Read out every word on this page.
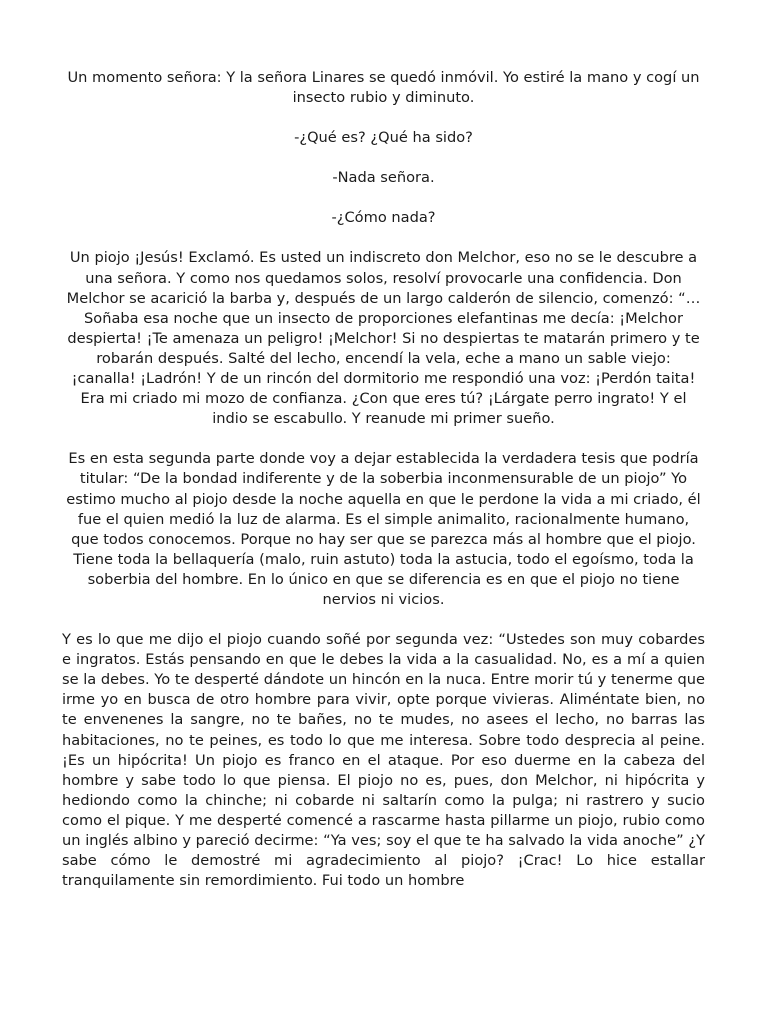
Un momento señora: Y la señora Linares se quedó inmóvil. Yo estiré la mano y cogí un insecto rubio y diminuto.

-¿Qué es? ¿Qué ha sido?

-Nada señora.

-¿Cómo nada?

Un piojo ¡Jesús! Exclamó. Es usted un indiscreto don Melchor, eso no se le descubre a una señora. Y como nos quedamos solos, resolví provocarle una confidencia. Don Melchor se acarició la barba y, después de un largo calderón de silencio, comenzó: “… Soñaba esa noche que un insecto de proporciones elefantinas me decía: ¡Melchor despierta! ¡Te amenaza un peligro! ¡Melchor! Si no despiertas te matarán primero y te robarán después. Salté del lecho, encendí la vela, eche a mano un sable viejo: ¡canalla! ¡Ladrón! Y de un rincón del dormitorio me respondió una voz: ¡Perdón taita! Era mi criado mi mozo de confianza. ¿Con que eres tú? ¡Lárgate perro ingrato! Y el indio se escabullo. Y reanude mi primer sueño.

Es en esta segunda parte donde voy a dejar establecida la verdadera tesis que podría titular: “De la bondad indiferente y de la soberbia inconmensurable de un piojo” Yo estimo mucho al piojo desde la noche aquella en que le perdone la vida a mi criado, él fue el quien medió la luz de alarma. Es el simple animalito, racionalmente humano, que todos conocemos. Porque no hay ser que se parezca más al hombre que el piojo. Tiene toda la bellaquería (malo, ruin astuto) toda la astucia, todo el egoísmo, toda la soberbia del hombre. En lo único en que se diferencia es en que el piojo no tiene nervios ni vicios.

Y es lo que me dijo el piojo cuando soñé por segunda vez: “Ustedes son muy cobardes e ingratos. Estás pensando en que le debes la vida a la casualidad. No, es a mí a quien se la debes. Yo te desperté dándote un hincón en la nuca. Entre morir tú y tenerme que irme yo en busca de otro hombre para vivir, opte porque vivieras. Aliméntate bien, no te envenenes la sangre, no te bañes, no te mudes, no asees el lecho, no barras las habitaciones, no te peines, es todo lo que me interesa. Sobre todo desprecia al peine. ¡Es un hipócrita! Un piojo es franco en el ataque. Por eso duerme en la cabeza del hombre y sabe todo lo que piensa. El piojo no es, pues, don Melchor, ni hipócrita y hediondo como la chinche; ni cobarde ni saltarín como la pulga; ni rastrero y sucio como el pique. Y me desperté comencé a rascarme hasta pillarme un piojo, rubio como un inglés albino y pareció decirme: “Ya ves; soy el que te ha salvado la vida anoche” ¿Y sabe cómo le demostré mi agradecimiento al piojo? ¡Crac! Lo hice estallar tranquilamente sin remordimiento. Fui todo un hombre
